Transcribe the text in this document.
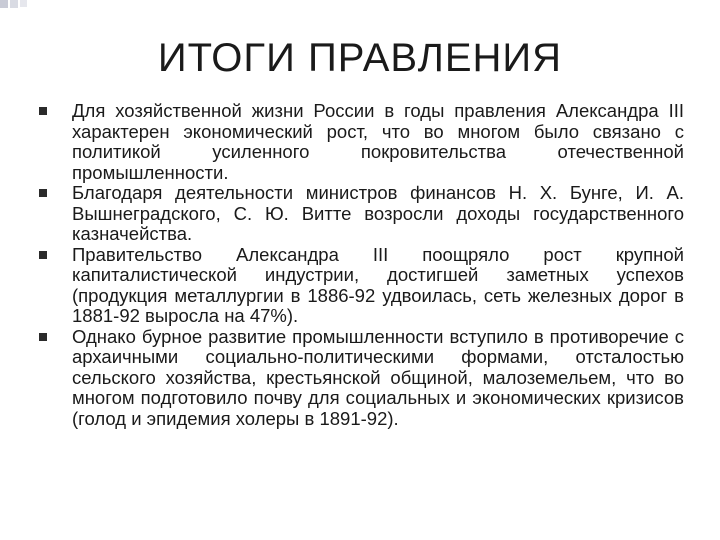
ИТОГИ ПРАВЛЕНИЯ
Для хозяйственной жизни России в годы правления Александра III характерен экономический рост, что во многом было связано с политикой усиленного покровительства отечественной промышленности.
Благодаря деятельности министров финансов Н. Х. Бунге, И. А. Вышнеградского, С. Ю. Витте возросли доходы государственного казначейства.
Правительство Александра III поощряло рост крупной капиталистической индустрии, достигшей заметных успехов (продукция металлургии в 1886-92 удвоилась, сеть железных дорог в 1881-92 выросла на 47%).
Однако бурное развитие промышленности вступило в противоречие с архаичными социально-политическими формами, отсталостью сельского хозяйства, крестьянской общиной, малоземельем, что во многом подготовило почву для социальных и экономических кризисов (голод и эпидемия холеры в 1891-92).
